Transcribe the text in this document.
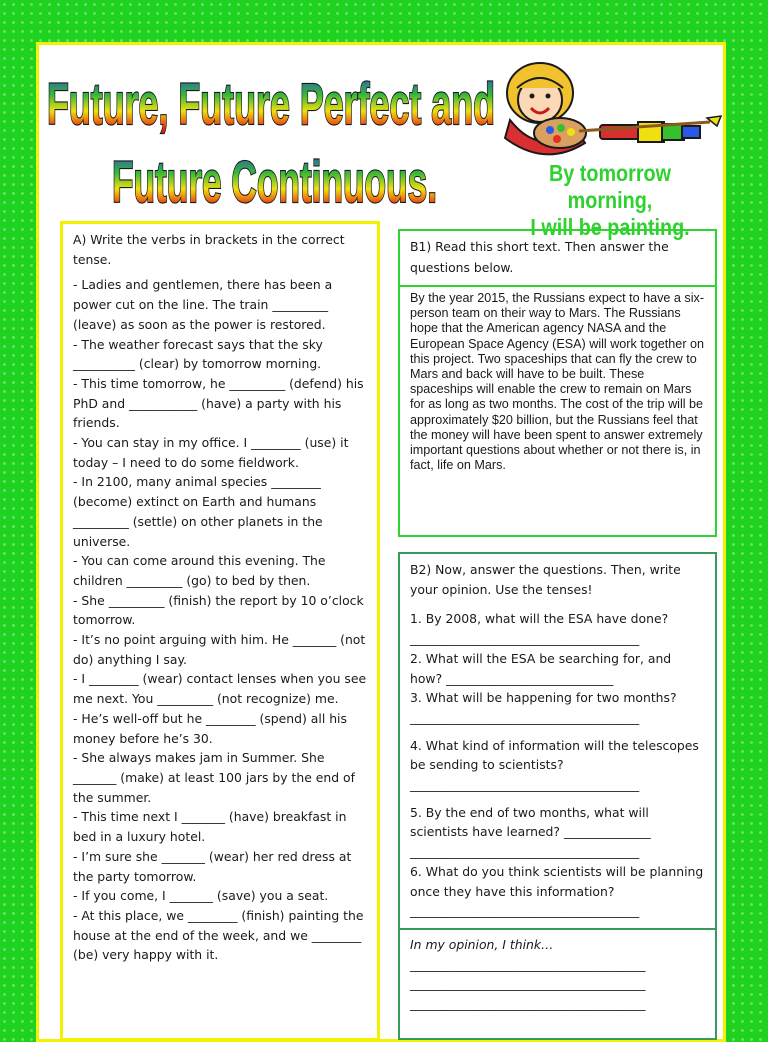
Future, Future Perfect and
Future Continuous.	By tomorrow morning,
I will be painting.

A) Write the verbs in brackets in the correct tense.

- Ladies and gentlemen, there has been a power cut on the line. The train _________ (leave) as soon as the power is restored.

- The weather forecast says that the sky __________ (clear) by tomorrow morning.

- This time tomorrow, he _________ (defend) his PhD and ___________ (have) a party with his friends.

- You can stay in my office. I ________ (use) it today – I need to do some fieldwork.

- In 2100, many animal species ________ (become) extinct on Earth and humans _________ (settle) on other planets in the universe.

- You can come around this evening. The children _________ (go) to bed by then.

- She _________ (finish) the report by 10 o’clock tomorrow.

- It’s no point arguing with him. He _______ (not do) anything I say.

- I ________ (wear) contact lenses when you see me next. You _________ (not recognize) me.

- He’s well-off but he ________ (spend) all his money before he’s 30.

- She always makes jam in Summer. She _______ (make) at least 100 jars by the end of the summer.

- This time next I _______ (have) breakfast in bed in a luxury hotel.

- I’m sure she _______ (wear) her red dress at the party tomorrow.

- If you come, I _______ (save) you a seat.

- At this place, we ________ (finish) painting the house at the end of the week, and we ________ (be) very happy with it.

B1) Read this short text. Then answer the questions below.
By the year 2015, the Russians expect to have a six-person team on their way to Mars. The Russians hope that the American agency NASA and the European Space Agency (ESA) will work together on this project. Two spaceships that can fly the crew to Mars and back will have to be built. These spaceships will enable the crew to remain on Mars for as long as two months. The cost of the trip will be approximately $20 billion, but the Russians feel that the money will have been spent to answer extremely important questions about whether or not there is, in fact, life on Mars.

B2) Now, answer the questions. Then, write your opinion. Use the tenses!

1. By 2008, what will the ESA have done? _____________________________________

2. What will the ESA be searching for, and how? ___________________________

3. What will be happening for two months? _____________________________________

4. What kind of information will the telescopes be sending to scientists? _____________________________________

5. By the end of two months, what will scientists have learned? ______________ _____________________________________

6. What do you think scientists will be planning once they have this information? _____________________________________

In my opinion, I think…

______________________________________

______________________________________

______________________________________
